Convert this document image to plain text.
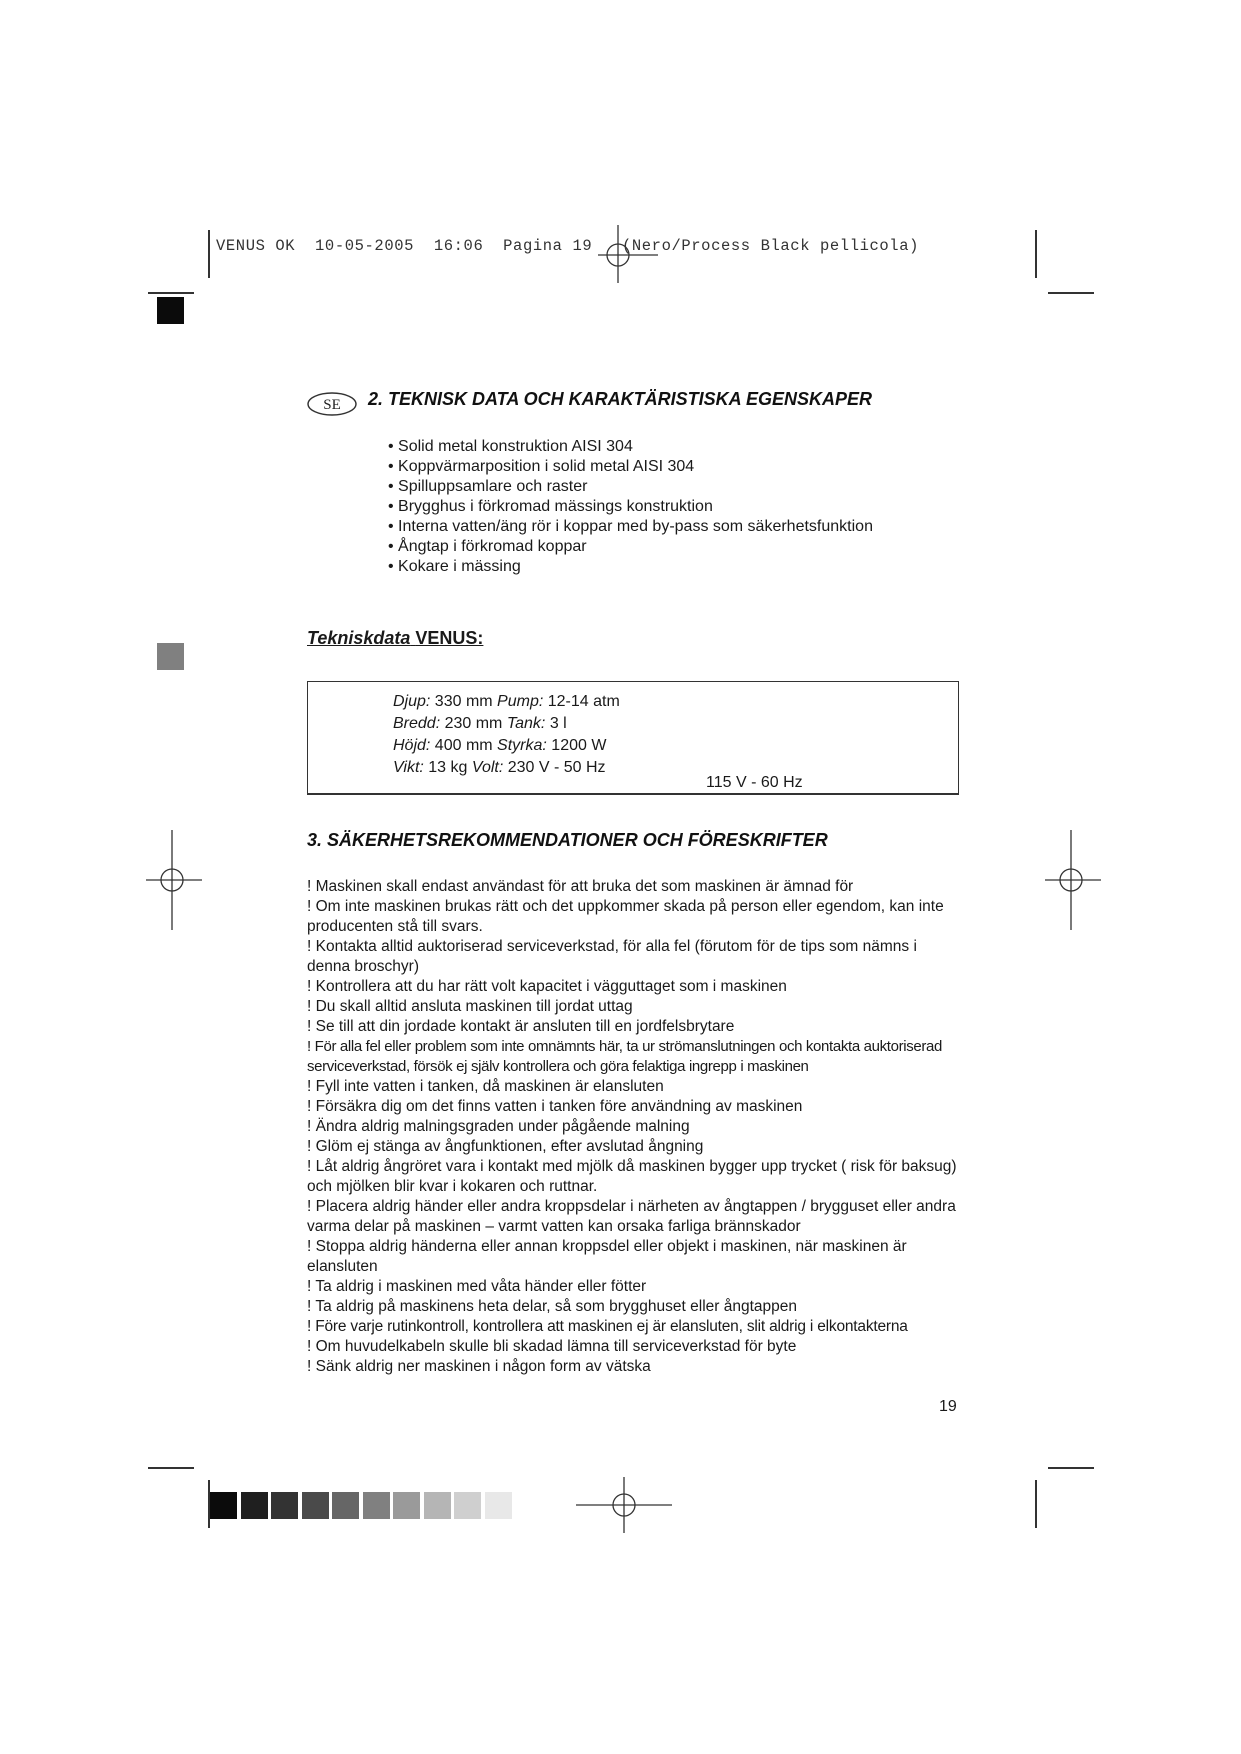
VENUS OK  10-05-2005  16:06  Pagina 19   (Nero/Process Black pellicola)
SE 2. TEKNISK DATA OCH KARAKTÄRISTISKA EGENSKAPER
• Solid metal konstruktion AISI 304
• Koppvärmarposition i solid metal AISI 304
• Spilluppsamlare och raster
• Brygghus i förkromad mässings konstruktion
• Interna vatten/äng rör i koppar med by-pass som säkerhetsfunktion
• Ångtap i förkromad koppar
• Kokare i mässing
Tekniskdata VENUS:
Djup: 330 mm Pump: 12-14 atm
Bredd: 230 mm Tank: 3 l
Höjd: 400 mm Styrka: 1200 W
Vikt: 13 kg Volt: 230 V - 50 Hz
115 V - 60 Hz
3. SÄKERHETSREKOMMENDATIONER OCH FÖRESKRIFTER

! Maskinen skall endast användast för att bruka det som maskinen är ämnad för

! Om inte maskinen brukas rätt och det uppkommer skada på person eller egendom, kan inte producenten stå till svars.

! Kontakta alltid auktoriserad serviceverkstad, för alla fel (förutom för de tips som nämns i denna broschyr)

! Kontrollera att du har rätt volt kapacitet i vägguttaget som i maskinen

! Du skall alltid ansluta maskinen till jordat uttag

! Se till att din jordade kontakt är ansluten till en jordfelsbrytare

! För alla fel eller problem som inte omnämnts här, ta ur strömanslutningen och kontakta auktoriserad serviceverkstad, försök ej själv kontrollera och göra felaktiga ingrepp i maskinen

! Fyll inte vatten i tanken, då maskinen är elansluten

! Försäkra dig om det finns vatten i tanken före användning av maskinen

! Ändra aldrig malningsgraden under pågående malning

! Glöm ej stänga av ångfunktionen, efter avslutad ångning

! Låt aldrig ångröret vara i kontakt med mjölk då maskinen bygger upp trycket ( risk för baksug) och mjölken blir kvar i kokaren och ruttnar.

! Placera aldrig händer eller andra kroppsdelar i närheten av ångtappen / brygguset eller andra varma delar på maskinen – varmt vatten kan orsaka farliga brännskador

! Stoppa aldrig händerna eller annan kroppsdel eller objekt i maskinen, när maskinen är elansluten

! Ta aldrig i maskinen med våta händer eller fötter

! Ta aldrig på maskinens heta delar, så som brygghuset eller ångtappen

! Före varje rutinkontroll, kontrollera att maskinen ej är elansluten, slit aldrig i elkontakterna

! Om huvudelkabeln skulle bli skadad lämna till serviceverkstad för byte

! Sänk aldrig ner maskinen i någon form av vätska

19
